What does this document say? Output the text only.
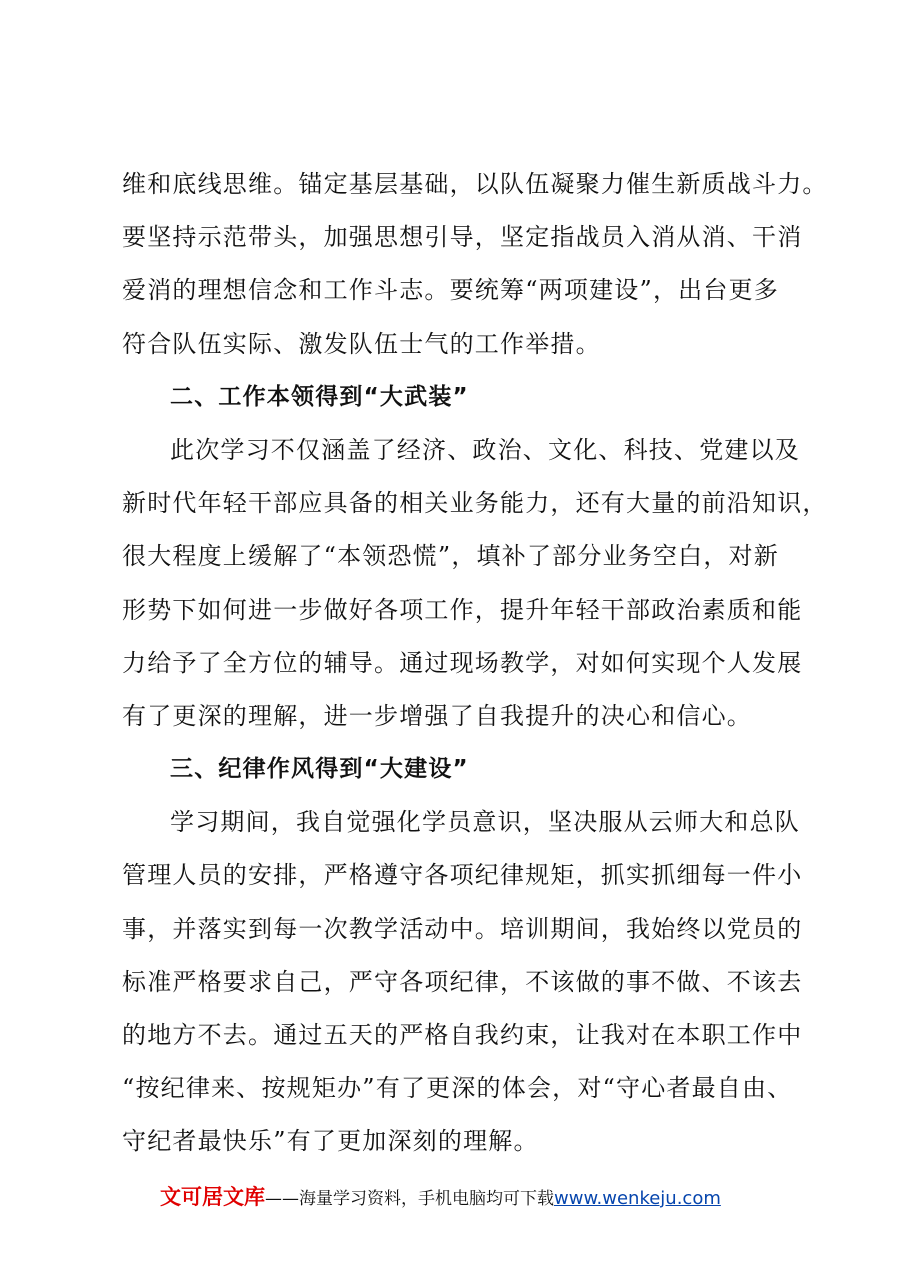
维和底线思维。锚定基层基础，以队伍凝聚力催生新质战斗力。
要坚持示范带头，加强思想引导，坚定指战员入消从消、干消
爱消的理想信念和工作斗志。要统筹“两项建设”，出台更多
符合队伍实际、激发队伍士气的工作举措。
二、工作本领得到“大武装”
此次学习不仅涵盖了经济、政治、文化、科技、党建以及
新时代年轻干部应具备的相关业务能力，还有大量的前沿知识，
很大程度上缓解了“本领恐慌”，填补了部分业务空白，对新
形势下如何进一步做好各项工作，提升年轻干部政治素质和能
力给予了全方位的辅导。通过现场教学，对如何实现个人发展
有了更深的理解，进一步增强了自我提升的决心和信心。
三、纪律作风得到“大建设”
学习期间，我自觉强化学员意识，坚决服从云师大和总队
管理人员的安排，严格遵守各项纪律规矩，抓实抓细每一件小
事，并落实到每一次教学活动中。培训期间，我始终以党员的
标准严格要求自己，严守各项纪律，不该做的事不做、不该去
的地方不去。通过五天的严格自我约束，让我对在本职工作中
“按纪律来、按规矩办”有了更深的体会，对“守心者最自由、
守纪者最快乐”有了更加深刻的理解。
文可居文库——海量学习资料，手机电脑均可下载www.wenkeju.com
